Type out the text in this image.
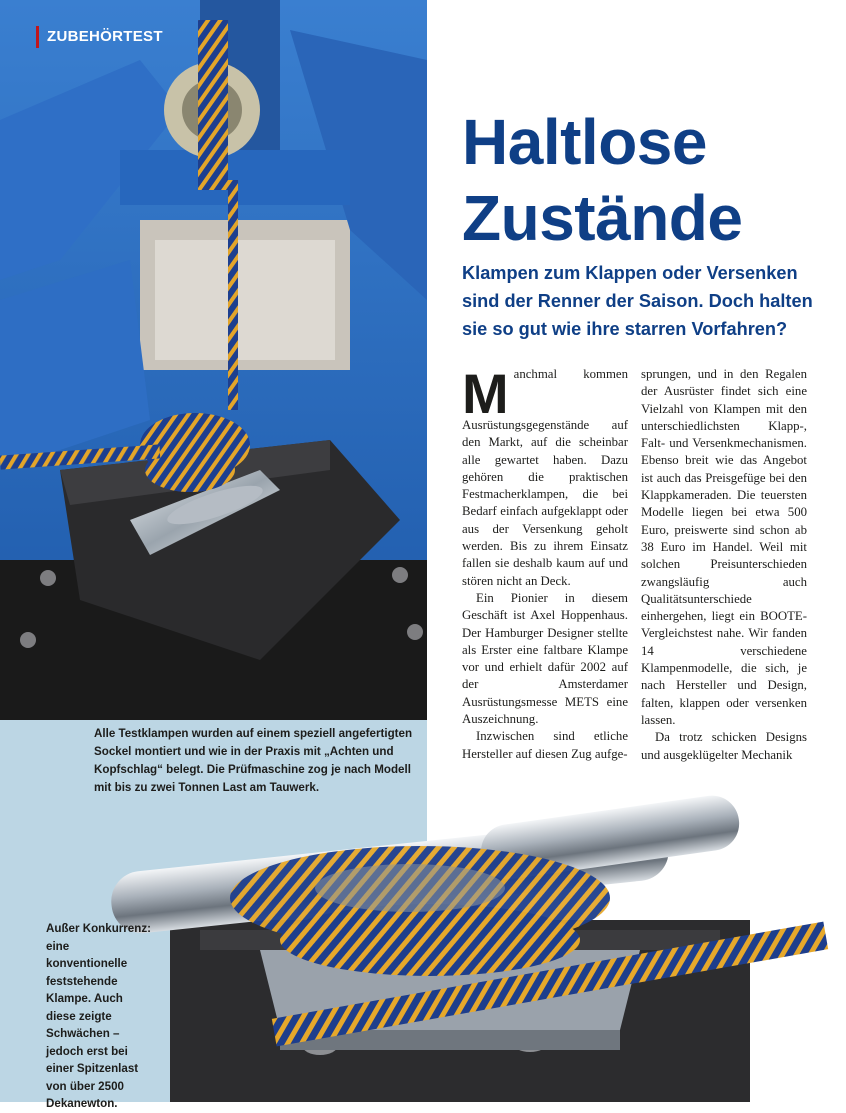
ZUBEHÖRTEST
Alle Testklampen wurden auf einem speziell angefertigten Sockel montiert und wie in der Praxis mit „Achten und Kopfschlag“ belegt. Die Prüfmaschine zog je nach Modell mit bis zu zwei Tonnen Last am Tauwerk.
Außer Konkurrenz: eine konventionelle feststehende Klampe. Auch diese zeigte Schwächen – jedoch erst bei einer Spitzenlast von über 2500 Dekanewton.
Haltlose
Zustände
Klampen zum Klappen oder Versenken sind der Renner der Saison. Doch halten sie so gut wie ihre starren Vorfahren?

Manchmal kommen Ausrüstungsgegenstände auf den Markt, auf die scheinbar alle gewartet haben. Dazu gehören die praktischen Festmacherklampen, die bei Bedarf einfach aufgeklappt oder aus der Versenkung geholt werden. Bis zu ihrem Einsatz fallen sie deshalb kaum auf und stören nicht an Deck.

Ein Pionier in diesem Geschäft ist Axel Hoppenhaus. Der Hamburger Designer stellte als Erster eine faltbare Klampe vor und erhielt dafür 2002 auf der Amsterdamer Ausrüstungsmesse METS eine Auszeichnung.

Inzwischen sind etliche Hersteller auf diesen Zug aufge-

sprungen, und in den Regalen der Ausrüster findet sich eine Vielzahl von Klampen mit den unterschiedlichsten Klapp-, Falt- und Versenkmechanismen. Ebenso breit wie das Angebot ist auch das Preisgefüge bei den Klappkameraden. Die teuersten Modelle liegen bei etwa 500 Euro, preiswerte sind schon ab 38 Euro im Handel. Weil mit solchen Preisunterschieden zwangsläufig auch Qualitätsunterschiede einhergehen, liegt ein BOOTE-Vergleichstest nahe. Wir fanden 14 verschiedene Klampenmodelle, die sich, je nach Hersteller und Design, falten, klappen oder versenken lassen.

Da trotz schicken Designs und ausgeklügelter Mechanik
